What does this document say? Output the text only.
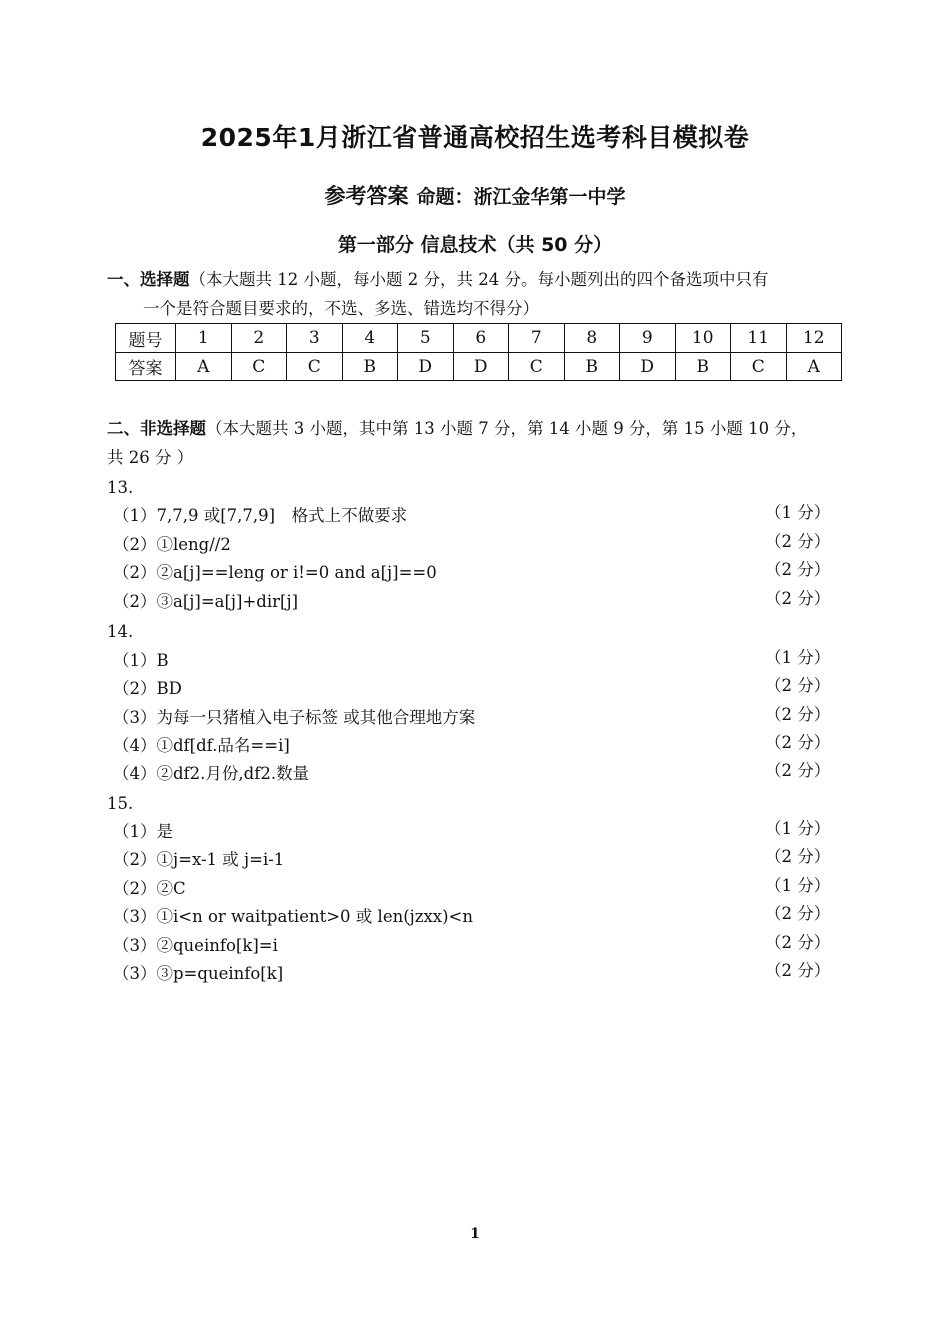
2025年1月浙江省普通高校招生选考科目模拟卷
参考答案 命题：浙江金华第一中学
第一部分 信息技术（共 50 分）
一、选择题（本大题共 12 小题，每小题 2 分，共 24 分。每小题列出的四个备选项中只有
一个是符合题目要求的，不选、多选、错选均不得分）
题号	1	2	3	4	5	6	7	8	9	10	11	12
答案	A	C	C	B	D	D	C	B	D	B	C	A
二、非选择题（本大题共 3 小题，其中第 13 小题 7 分，第 14 小题 9 分，第 15 小题 10 分，
共 26 分 ）
13.
（1）7,7,9 或[7,7,9]　格式上不做要求	（1 分）
（2）①leng//2	（2 分）
（2）②a[j]==leng or i!=0 and a[j]==0	（2 分）
（2）③a[j]=a[j]+dir[j]	（2 分）
14.
（1）B	（1 分）
（2）BD	（2 分）
（3）为每一只猪植入电子标签 或其他合理地方案	（2 分）
（4）①df[df.品名==i]	（2 分）
（4）②df2.月份,df2.数量	（2 分）
15.
（1）是	（1 分）
（2）①j=x-1 或 j=i-1	（2 分）
（2）②C	（1 分）
（3）①i<n or waitpatient>0 或 len(jzxx)<n	（2 分）
（3）②queinfo[k]=i	（2 分）
（3）③p=queinfo[k]	（2 分）
1
